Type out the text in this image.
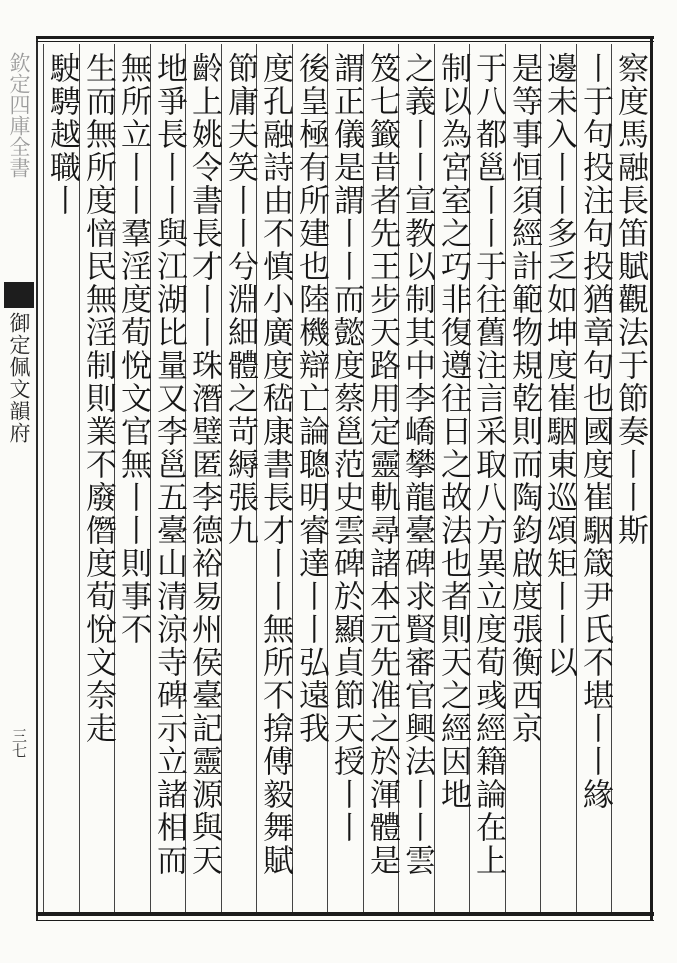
欽定四庫全書
御定佩文韻府
三七
察度馬融長笛賦觀法于節奏丨丨斯
丨于句投注句投猶章句也國度崔駰箴尹氏不堪丨丨緣
邊未入丨丨多乏如坤度崔駰東巡頌矩丨丨以
是等事恒須經計範物規乾則而陶鈞啟度張衡西京
于八都邕丨丨于往舊注言采取八方異立度荀彧經籍論在上
制以為宮室之巧非復遵往日之故法也者則天之經因地
之義丨丨宣教以制其中李嶠攀龍臺碑求賢審官興法丨丨雲
笈七籤昔者先王步天路用定靈軌尋諸本元先准之於渾體是
謂正儀是謂丨丨而懿度蔡邕范史雲碑於顯貞節天授丨丨
後皇極有所建也陸機辯亡論聰明睿達丨丨弘遠我
度孔融詩由不慎小廣度嵇康書長才丨丨無所不揜傅毅舞賦
節庸夫笑丨丨兮淵細體之苛縟張九
齡上姚令書長才丨丨珠潛璧匿李德裕易州侯臺記靈源與天
地爭長丨丨與江湖比量又李邕五臺山清涼寺碑示立諸相而
無所立丨丨羣淫度荀悅文官無丨丨則事不
生而無所度愔民無淫制則業不廢僭度荀悅文奈走
駛騁越職丨
